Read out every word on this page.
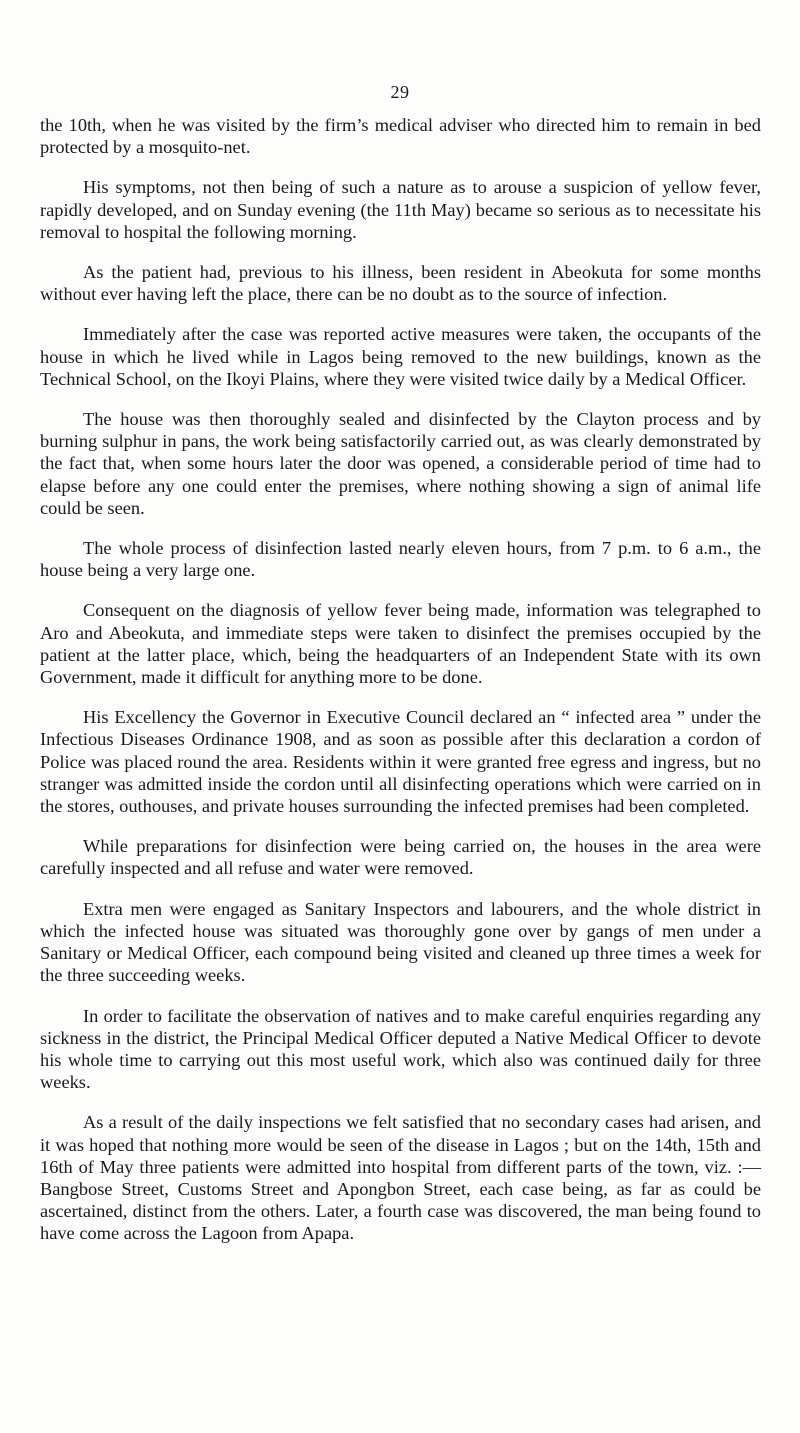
29

the 10th, when he was visited by the firm’s medical adviser who directed him to remain in bed protected by a mosquito-net.

His symptoms, not then being of such a nature as to arouse a suspicion of yellow fever, rapidly developed, and on Sunday evening (the 11th May) became so serious as to necessitate his removal to hospital the following morning.

As the patient had, previous to his illness, been resident in Abeokuta for some months without ever having left the place, there can be no doubt as to the source of infection.

Immediately after the case was reported active measures were taken, the occupants of the house in which he lived while in Lagos being removed to the new buildings, known as the Technical School, on the Ikoyi Plains, where they were visited twice daily by a Medical Officer.

The house was then thoroughly sealed and disinfected by the Clayton process and by burning sulphur in pans, the work being satisfactorily carried out, as was clearly demonstrated by the fact that, when some hours later the door was opened, a considerable period of time had to elapse before any one could enter the premises, where nothing showing a sign of animal life could be seen.

The whole process of disinfection lasted nearly eleven hours, from 7 p.m. to 6 a.m., the house being a very large one.

Consequent on the diagnosis of yellow fever being made, information was telegraphed to Aro and Abeokuta, and immediate steps were taken to disinfect the premises occupied by the patient at the latter place, which, being the headquarters of an Independent State with its own Government, made it difficult for anything more to be done.

His Excellency the Governor in Executive Council declared an “ infected area ” under the Infectious Diseases Ordinance 1908, and as soon as possible after this declaration a cordon of Police was placed round the area. Residents within it were granted free egress and ingress, but no stranger was admitted inside the cordon until all disinfecting operations which were carried on in the stores, outhouses, and private houses surrounding the infected premises had been completed.

While preparations for disinfection were being carried on, the houses in the area were carefully inspected and all refuse and water were removed.

Extra men were engaged as Sanitary Inspectors and labourers, and the whole district in which the infected house was situated was thoroughly gone over by gangs of men under a Sanitary or Medical Officer, each compound being visited and cleaned up three times a week for the three succeeding weeks.

In order to facilitate the observation of natives and to make careful enquiries regarding any sickness in the district, the Principal Medical Officer deputed a Native Medical Officer to devote his whole time to carrying out this most useful work, which also was continued daily for three weeks.

As a result of the daily inspections we felt satisfied that no secondary cases had arisen, and it was hoped that nothing more would be seen of the disease in Lagos ; but on the 14th, 15th and 16th of May three patients were admitted into hospital from different parts of the town, viz. :—Bangbose Street, Customs Street and Apongbon Street, each case being, as far as could be ascertained, distinct from the others. Later, a fourth case was discovered, the man being found to have come across the Lagoon from Apapa.
